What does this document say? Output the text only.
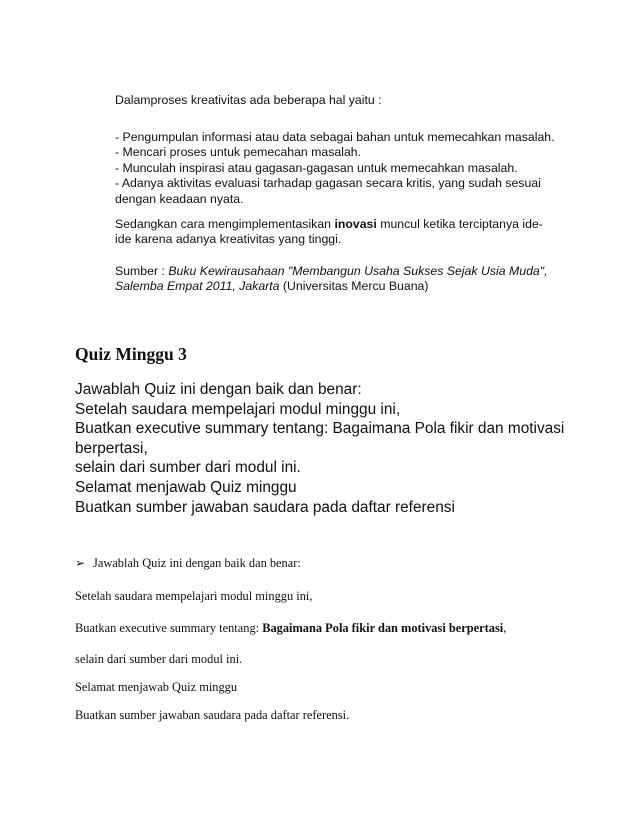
Dalamproses kreativitas ada beberapa hal yaitu :

- Pengumpulan informasi atau data sebagai bahan untuk memecahkan masalah.

- Mencari proses untuk pemecahan masalah.

- Munculah inspirasi atau gagasan-gagasan untuk memecahkan masalah.

- Adanya aktivitas evaluasi tarhadap gagasan secara kritis, yang sudah sesuai

dengan keadaan nyata.

Sedangkan cara mengimplementasikan inovasi muncul ketika terciptanya ide-

ide karena adanya kreativitas yang tinggi.

Sumber : Buku Kewirausahaan "Membangun Usaha Sukses Sejak Usia Muda",

Salemba Empat 2011, Jakarta (Universitas Mercu Buana)

Quiz Minggu 3

Jawablah Quiz ini dengan baik dan benar:

Setelah saudara mempelajari modul minggu ini,

Buatkan executive summary tentang: Bagaimana Pola fikir dan motivasi

berpertasi,

selain dari sumber dari modul ini.

Selamat menjawab Quiz minggu

Buatkan sumber jawaban saudara pada daftar referensi

➢ Jawablah Quiz ini dengan baik dan benar:

Setelah saudara mempelajari modul minggu ini,

Buatkan executive summary tentang: Bagaimana Pola fikir dan motivasi berpertasi,

selain dari sumber dari modul ini.

Selamat menjawab Quiz minggu

Buatkan sumber jawaban saudara pada daftar referensi.
